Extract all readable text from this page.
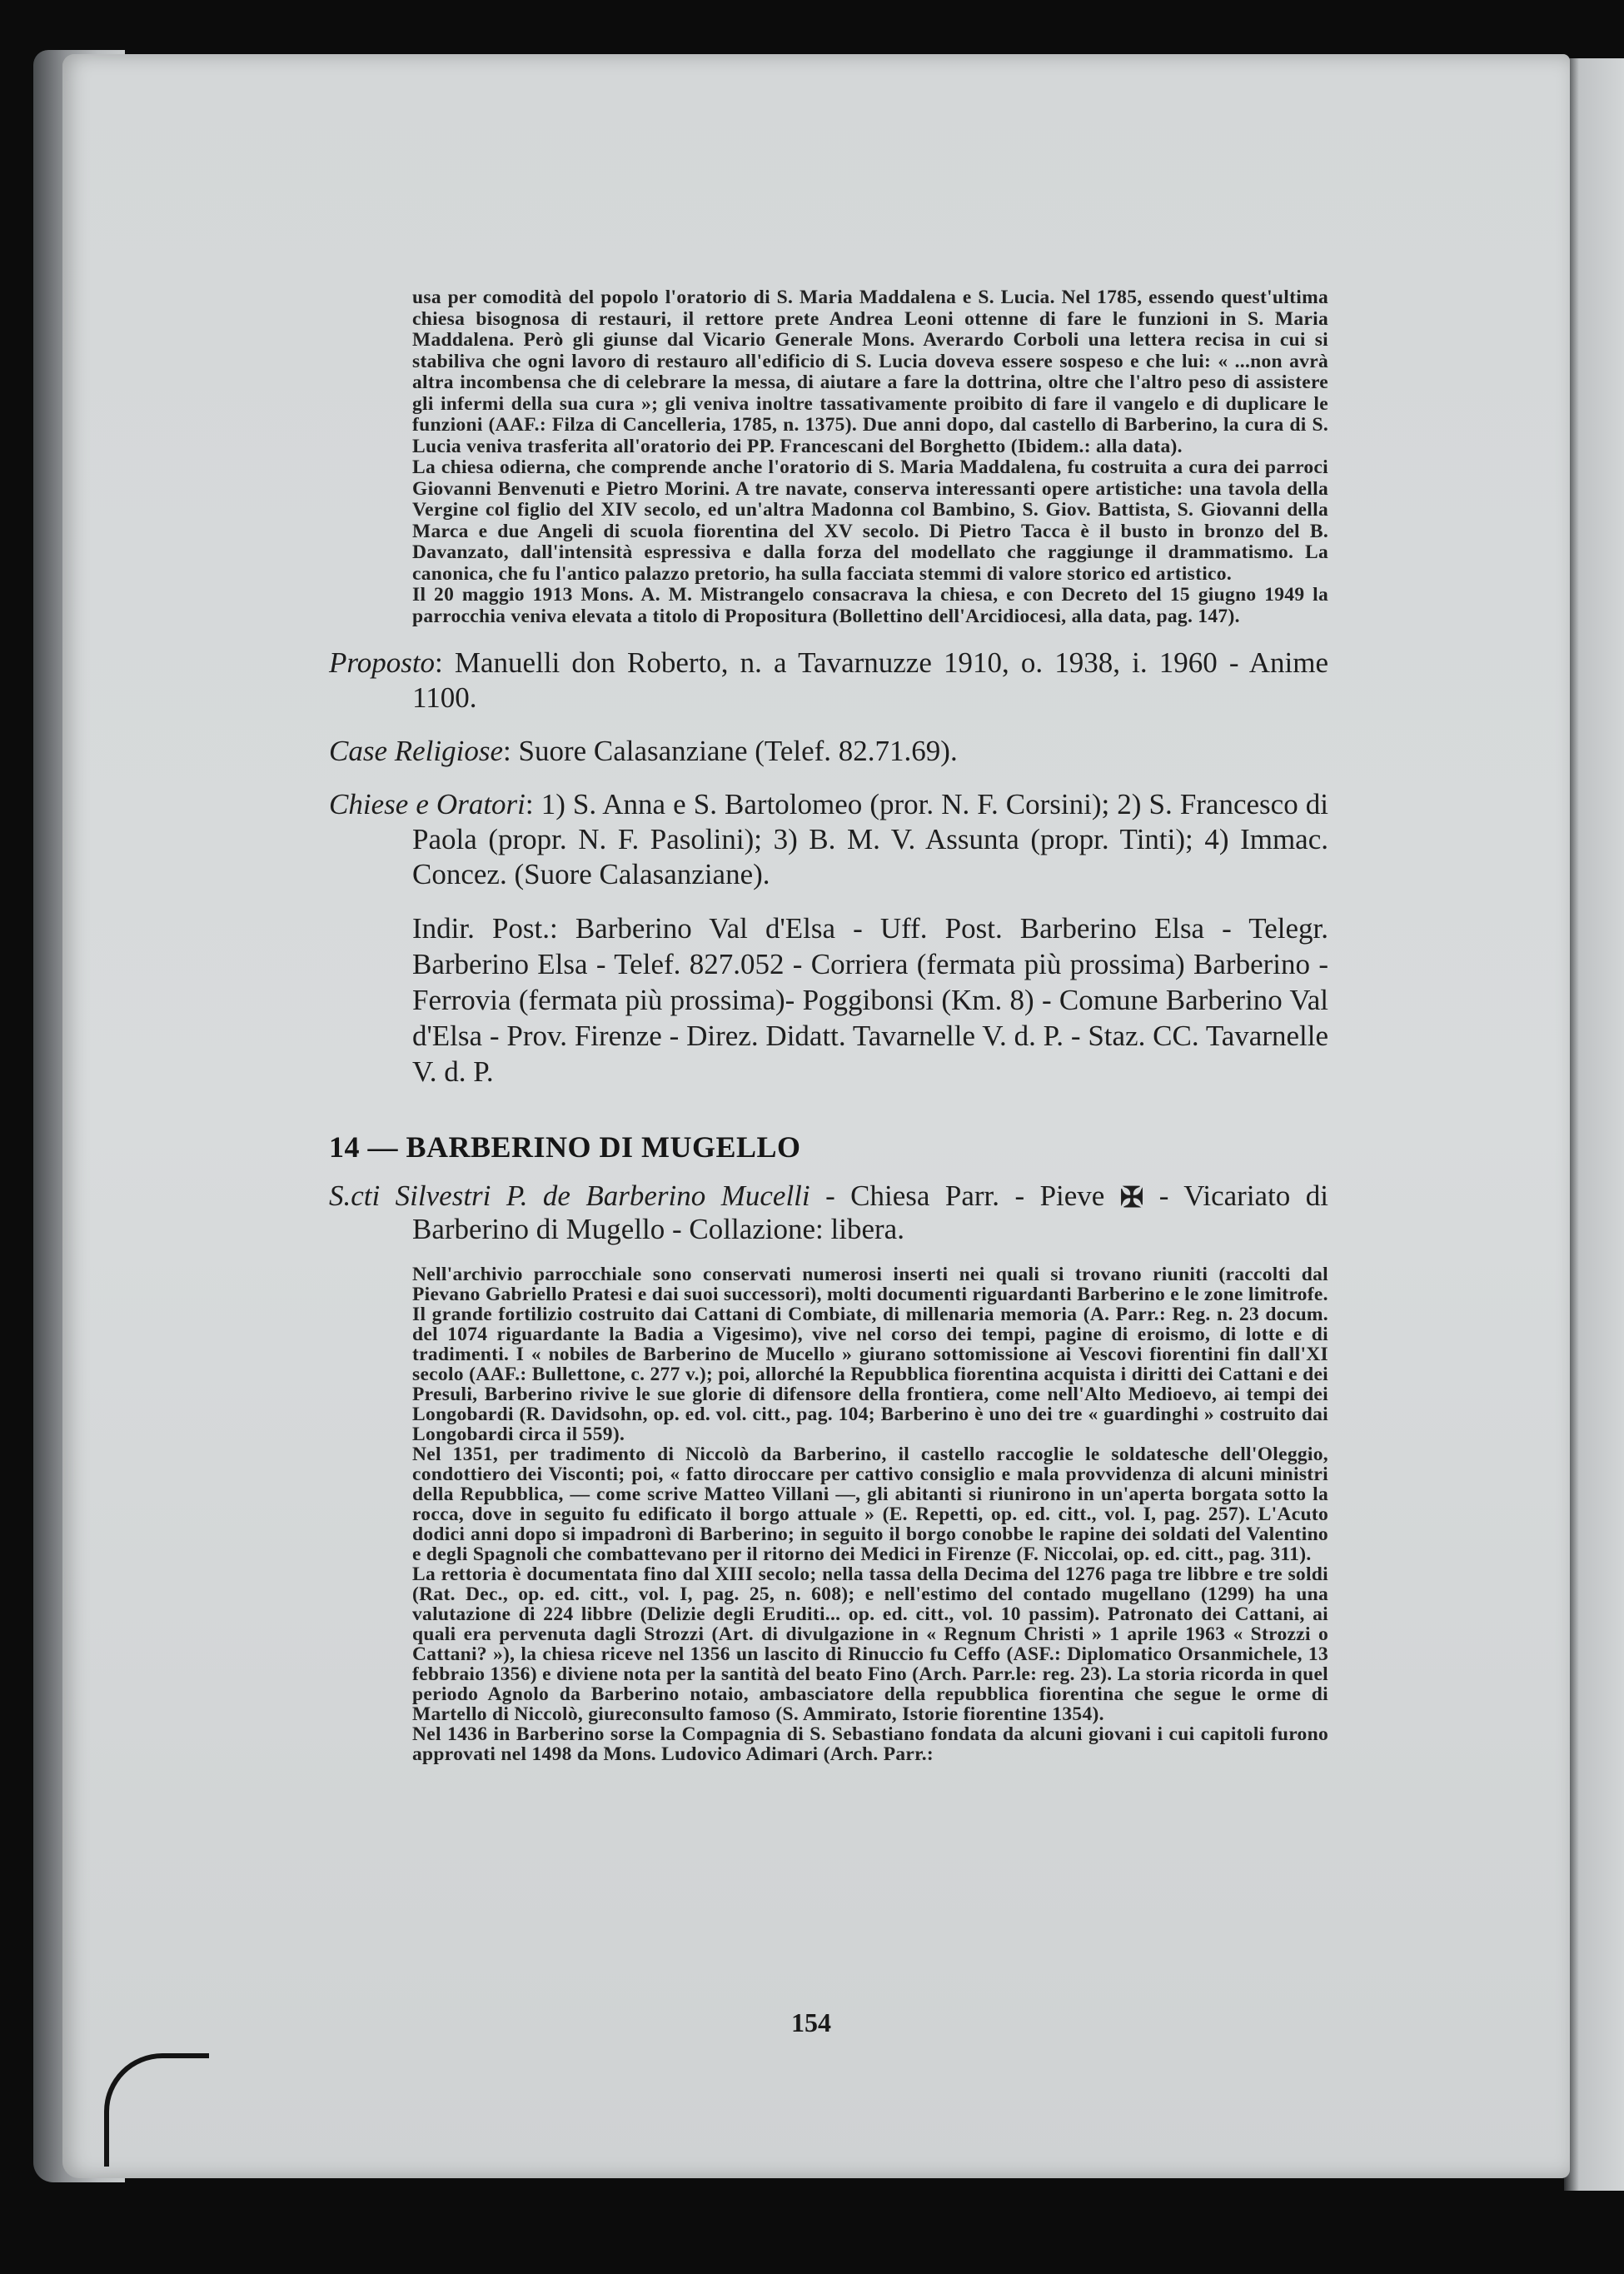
usa per comodità del popolo l'oratorio di S. Maria Maddalena e S. Lucia. Nel 1785, essendo quest'ultima chiesa bisognosa di restauri, il rettore prete Andrea Leoni ottenne di fare le funzioni in S. Maria Maddalena. Però gli giunse dal Vicario Generale Mons. Averardo Corboli una lettera recisa in cui si stabiliva che ogni lavoro di restauro all'edificio di S. Lucia doveva essere sospeso e che lui: « ...non avrà altra incombensa che di celebrare la messa, di aiutare a fare la dottrina, oltre che l'altro peso di assistere gli infermi della sua cura »; gli veniva inoltre tassativamente proibito di fare il vangelo e di duplicare le funzioni (AAF.: Filza di Cancelleria, 1785, n. 1375). Due anni dopo, dal castello di Barberino, la cura di S. Lucia veniva trasferita all'oratorio dei PP. Francescani del Borghetto (Ibidem.: alla data).

La chiesa odierna, che comprende anche l'oratorio di S. Maria Maddalena, fu costruita a cura dei parroci Giovanni Benvenuti e Pietro Morini. A tre navate, conserva interessanti opere artistiche: una tavola della Vergine col figlio del XIV secolo, ed un'altra Madonna col Bambino, S. Giov. Battista, S. Giovanni della Marca e due Angeli di scuola fiorentina del XV secolo. Di Pietro Tacca è il busto in bronzo del B. Davanzato, dall'intensità espressiva e dalla forza del modellato che raggiunge il drammatismo. La canonica, che fu l'antico palazzo pretorio, ha sulla facciata stemmi di valore storico ed artistico.

Il 20 maggio 1913 Mons. A. M. Mistrangelo consacrava la chiesa, e con Decreto del 15 giugno 1949 la parrocchia veniva elevata a titolo di Propositura (Bollettino dell'Arcidiocesi, alla data, pag. 147).

Proposto: Manuelli don Roberto, n. a Tavarnuzze 1910, o. 1938, i. 1960 - Anime 1100.
Case Religiose: Suore Calasanziane (Telef. 82.71.69).
Chiese e Oratori: 1) S. Anna e S. Bartolomeo (pror. N. F. Corsini); 2) S. Francesco di Paola (propr. N. F. Pasolini); 3) B. M. V. Assunta (propr. Tinti); 4) Immac. Concez. (Suore Calasanziane).
Indir. Post.: Barberino Val d'Elsa - Uff. Post. Barberino Elsa - Telegr. Barberino Elsa - Telef. 827.052 - Corriera (fermata più prossima) Barberino - Ferrovia (fermata più prossima)- Poggibonsi (Km. 8) - Comune Barberino Val d'Elsa - Prov. Firenze - Direz. Didatt. Tavarnelle V. d. P. - Staz. CC. Tavarnelle V. d. P.
14 — BARBERINO DI MUGELLO
S.cti Silvestri P. de Barberino Mucelli - Chiesa Parr. - Pieve ✠ - Vicariato di Barberino di Mugello - Collazione: libera.

Nell'archivio parrocchiale sono conservati numerosi inserti nei quali si trovano riuniti (raccolti dal Pievano Gabriello Pratesi e dai suoi successori), molti documenti riguardanti Barberino e le zone limitrofe.

Il grande fortilizio costruito dai Cattani di Combiate, di millenaria memoria (A. Parr.: Reg. n. 23 docum. del 1074 riguardante la Badia a Vigesimo), vive nel corso dei tempi, pagine di eroismo, di lotte e di tradimenti. I « nobiles de Barberino de Mucello » giurano sottomissione ai Vescovi fiorentini fin dall'XI secolo (AAF.: Bullettone, c. 277 v.); poi, allorché la Repubblica fiorentina acquista i diritti dei Cattani e dei Presuli, Barberino rivive le sue glorie di difensore della frontiera, come nell'Alto Medioevo, ai tempi dei Longobardi (R. Davidsohn, op. ed. vol. citt., pag. 104; Barberino è uno dei tre « guardinghi » costruito dai Longobardi circa il 559).

Nel 1351, per tradimento di Niccolò da Barberino, il castello raccoglie le soldatesche dell'Oleggio, condottiero dei Visconti; poi, « fatto diroccare per cattivo consiglio e mala provvidenza di alcuni ministri della Repubblica, — come scrive Matteo Villani —, gli abitanti si riunirono in un'aperta borgata sotto la rocca, dove in seguito fu edificato il borgo attuale » (E. Repetti, op. ed. citt., vol. I, pag. 257). L'Acuto dodici anni dopo si impadronì di Barberino; in seguito il borgo conobbe le rapine dei soldati del Valentino e degli Spagnoli che combattevano per il ritorno dei Medici in Firenze (F. Niccolai, op. ed. citt., pag. 311).

La rettoria è documentata fino dal XIII secolo; nella tassa della Decima del 1276 paga tre libbre e tre soldi (Rat. Dec., op. ed. citt., vol. I, pag. 25, n. 608); e nell'estimo del contado mugellano (1299) ha una valutazione di 224 libbre (Delizie degli Eruditi... op. ed. citt., vol. 10 passim). Patronato dei Cattani, ai quali era pervenuta dagli Strozzi (Art. di divulgazione in « Regnum Christi » 1 aprile 1963 « Strozzi o Cattani? »), la chiesa riceve nel 1356 un lascito di Rinuccio fu Ceffo (ASF.: Diplomatico Orsanmichele, 13 febbraio 1356) e diviene nota per la santità del beato Fino (Arch. Parr.le: reg. 23). La storia ricorda in quel periodo Agnolo da Barberino notaio, ambasciatore della repubblica fiorentina che segue le orme di Martello di Niccolò, giureconsulto famoso (S. Ammirato, Istorie fiorentine 1354).

Nel 1436 in Barberino sorse la Compagnia di S. Sebastiano fondata da alcuni giovani i cui capitoli furono approvati nel 1498 da Mons. Ludovico Adimari (Arch. Parr.:

154
